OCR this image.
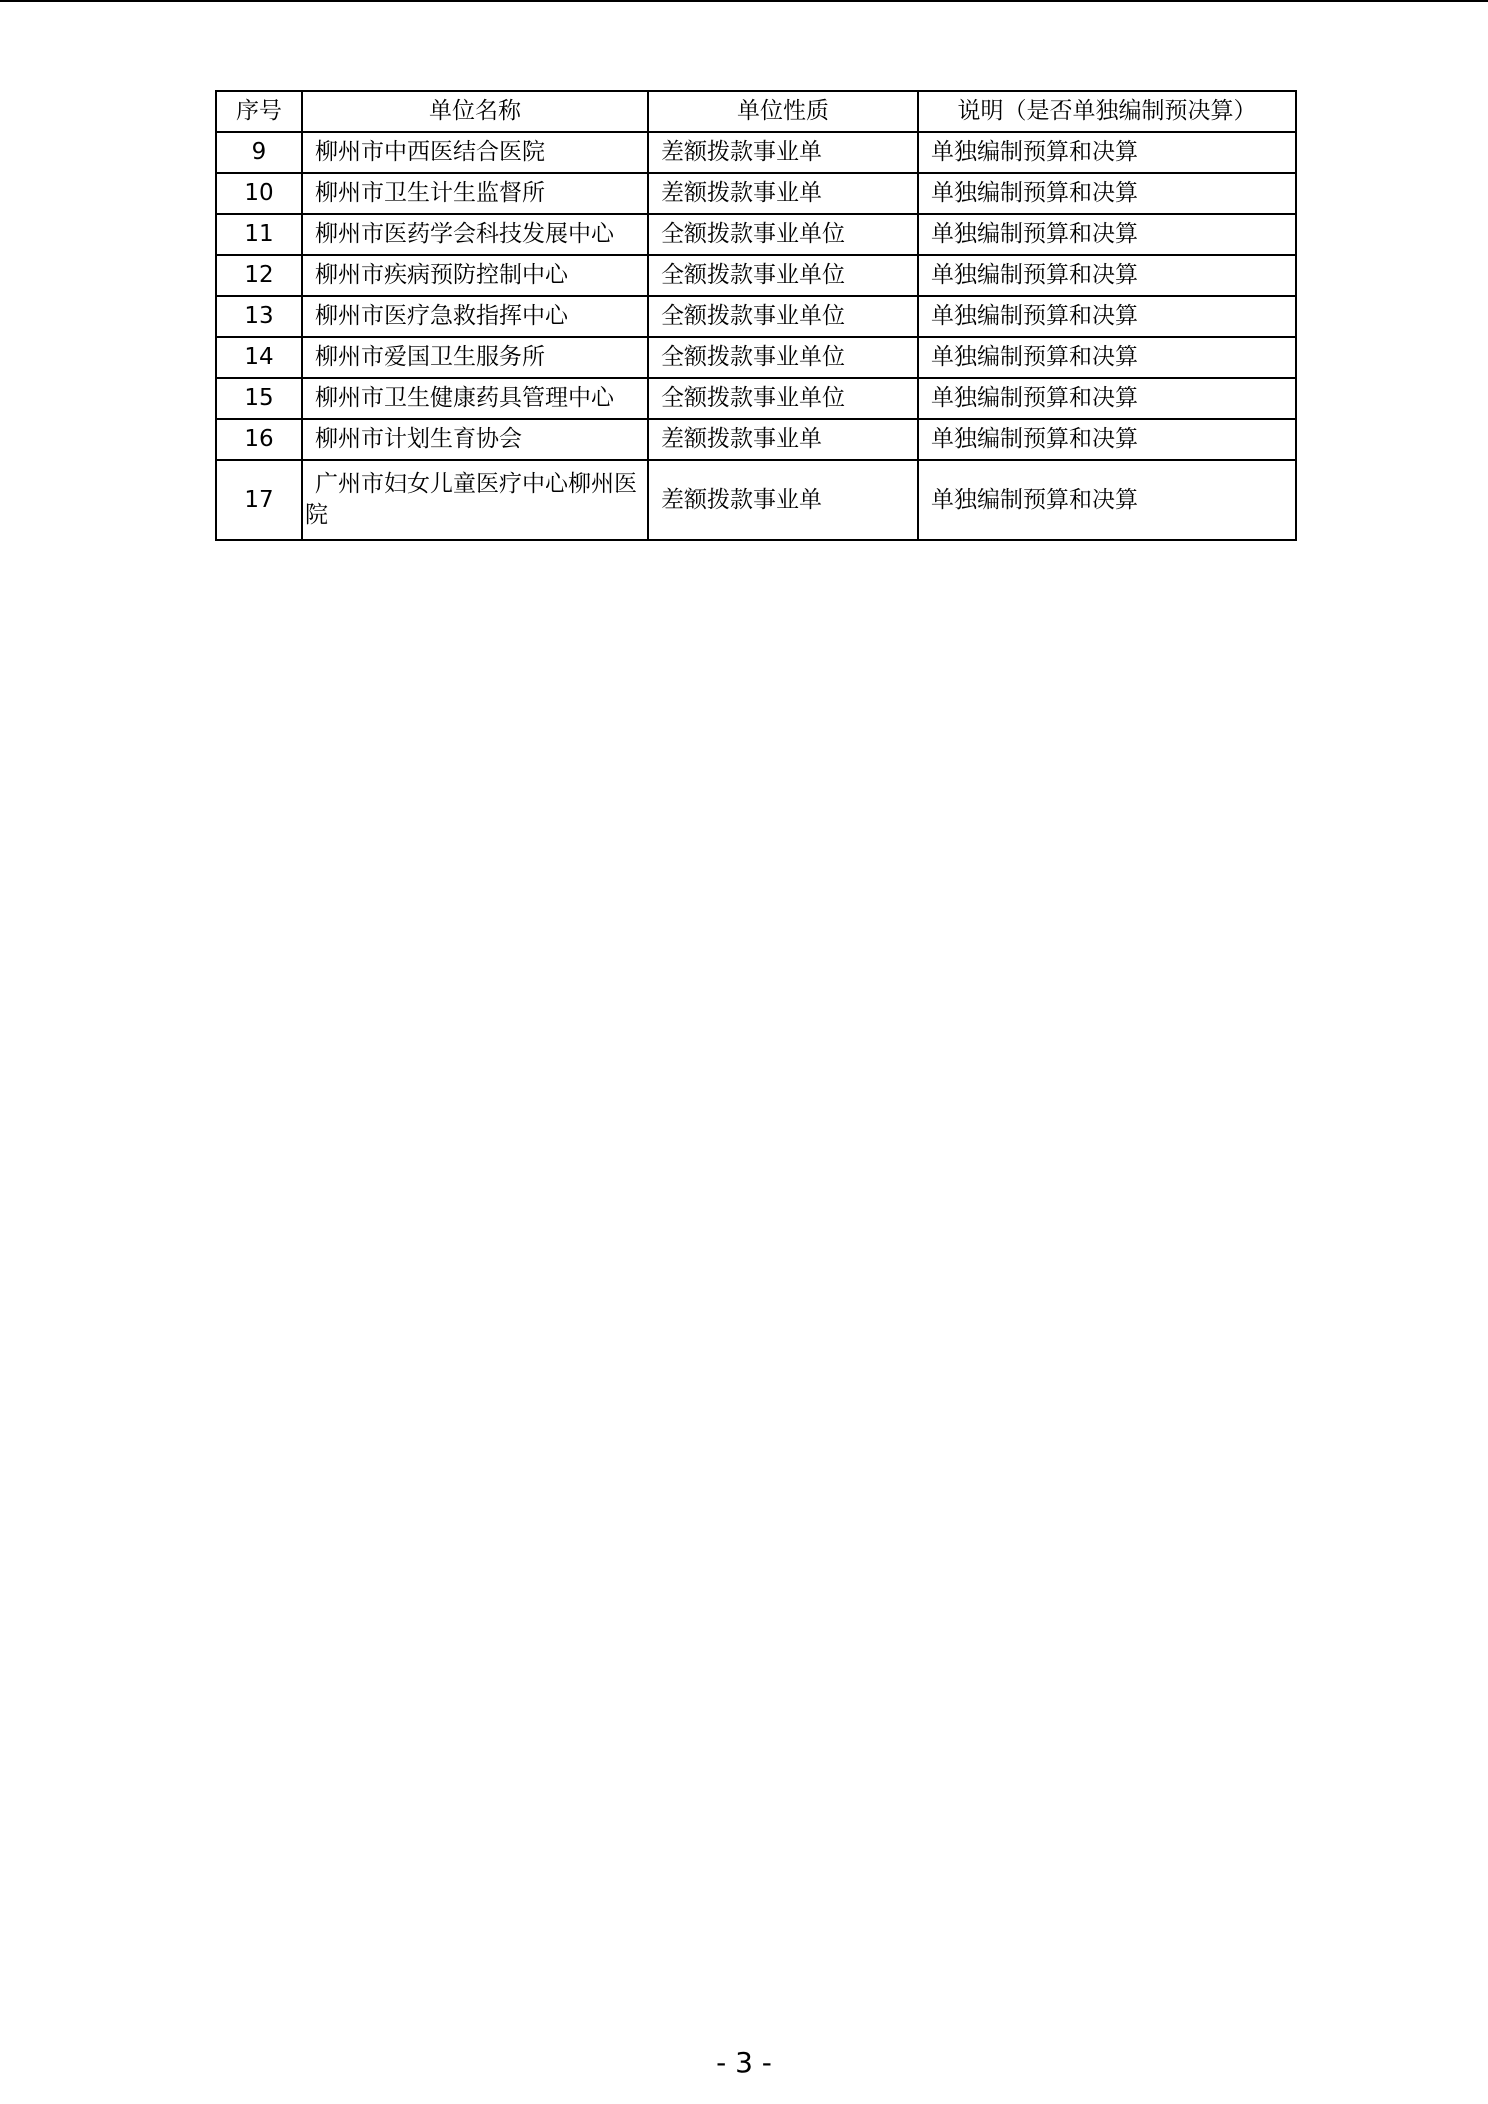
序号	单位名称	单位性质	说明（是否单独编制预决算）
9	柳州市中西医结合医院	差额拨款事业单	单独编制预算和决算
10	柳州市卫生计生监督所	差额拨款事业单	单独编制预算和决算
11	柳州市医药学会科技发展中心	全额拨款事业单位	单独编制预算和决算
12	柳州市疾病预防控制中心	全额拨款事业单位	单独编制预算和决算
13	柳州市医疗急救指挥中心	全额拨款事业单位	单独编制预算和决算
14	柳州市爱国卫生服务所	全额拨款事业单位	单独编制预算和决算
15	柳州市卫生健康药具管理中心	全额拨款事业单位	单独编制预算和决算
16	柳州市计划生育协会	差额拨款事业单	单独编制预算和决算
17	广州市妇女儿童医疗中心柳州医院	差额拨款事业单	单独编制预算和决算
- 3 -
